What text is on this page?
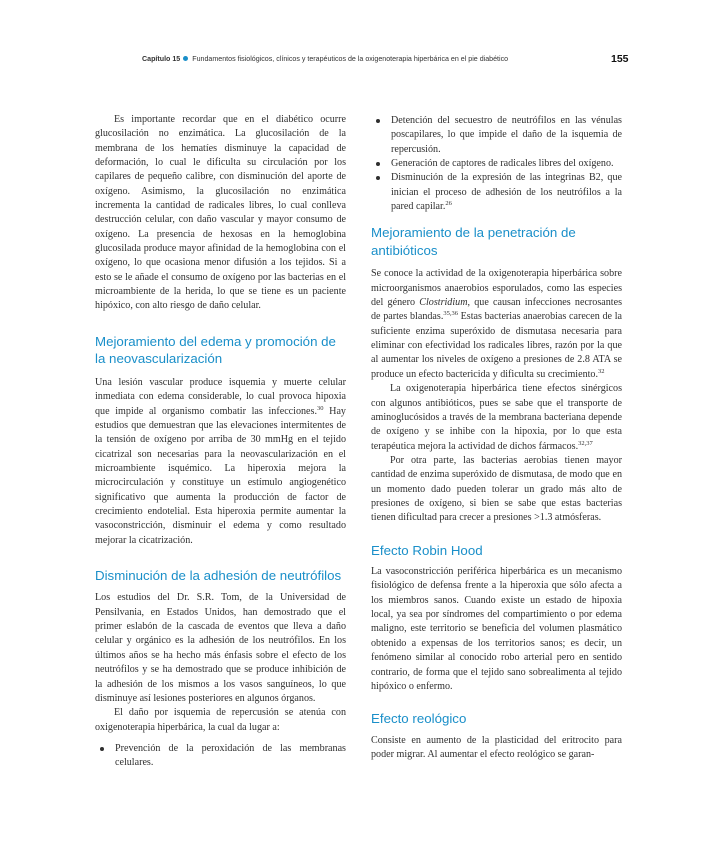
Capítulo 15 Fundamentos fisiológicos, clínicos y terapéuticos de la oxigenoterapia hiperbárica en el pie diabético	155

Es importante recordar que en el diabético ocurre glucosilación no enzimática. La glucosilación de la membrana de los hematíes disminuye la capacidad de deformación, lo cual le dificulta su circulación por los capilares de pequeño calibre, con disminución del aporte de oxígeno. Asimismo, la glucosilación no enzimática incrementa la cantidad de radicales libres, lo cual conlleva destrucción celular, con daño vascular y mayor consumo de oxígeno. La presencia de hexosas en la hemoglobina glucosilada produce mayor afinidad de la hemoglobina con el oxígeno, lo que ocasiona menor difusión a los tejidos. Si a esto se le añade el consumo de oxígeno por las bacterias en el microambiente de la herida, lo que se tiene es un paciente hipóxico, con alto riesgo de daño celular.

Mejoramiento del edema y promoción de la neovascularización

Una lesión vascular produce isquemia y muerte celular inmediata con edema considerable, lo cual provoca hipoxia que impide al organismo combatir las infecciones.$^{30}$ Hay estudios que demuestran que las elevaciones intermitentes de la tensión de oxígeno por arriba de 30 mmHg en el tejido cicatrizal son necesarias para la neovascularización en el microambiente isquémico. La hiperoxia mejora la microcirculación y constituye un estímulo angiogenético significativo que aumenta la producción de factor de crecimiento endotelial. Esta hiperoxia permite aumentar la vasoconstricción, disminuir el edema y como resultado mejorar la cicatrización.

Disminución de la adhesión de neutrófilos

Los estudios del Dr. S.R. Tom, de la Universidad de Pensilvania, en Estados Unidos, han demostrado que el primer eslabón de la cascada de eventos que lleva a daño celular y orgánico es la adhesión de los neutrófilos. En los últimos años se ha hecho más énfasis sobre el efecto de los neutrófilos y se ha demostrado que se produce inhibición de la adhesión de los mismos a los vasos sanguíneos, lo que disminuye así lesiones posteriores en algunos órganos.

El daño por isquemia de repercusión se atenúa con oxigenoterapia hiperbárica, la cual da lugar a:

Prevención de la peroxidación de las membranas celulares.
Detención del secuestro de neutrófilos en las vénulas poscapilares, lo que impide el daño de la isquemia de repercusión.
Generación de captores de radicales libres del oxígeno.
Disminución de la expresión de las integrinas B2, que inician el proceso de adhesión de los neutrófilos a la pared capilar.$^{26}$
Mejoramiento de la penetración de antibióticos

Se conoce la actividad de la oxigenoterapia hiperbárica sobre microorganismos anaerobios esporulados, como las especies del género Clostridium, que causan infecciones necrosantes de partes blandas.$^{35,36}$ Estas bacterias anaerobias carecen de la suficiente enzima superóxido de dismutasa necesaria para eliminar con efectividad los radicales libres, razón por la que al aumentar los niveles de oxígeno a presiones de 2.8 ATA se produce un efecto bactericida y dificulta su crecimiento.$^{32}$

La oxigenoterapia hiperbárica tiene efectos sinérgicos con algunos antibióticos, pues se sabe que el transporte de aminoglucósidos a través de la membrana bacteriana depende de oxígeno y se inhibe con la hipoxia, por lo que esta terapéutica mejora la actividad de dichos fármacos.$^{32,37}$

Por otra parte, las bacterias aerobias tienen mayor cantidad de enzima superóxido de dismutasa, de modo que en un momento dado pueden tolerar un grado más alto de presiones de oxígeno, si bien se sabe que estas bacterias tienen dificultad para crecer a presiones >1.3 atmósferas.

Efecto Robin Hood

La vasoconstricción periférica hiperbárica es un mecanismo fisiológico de defensa frente a la hiperoxia que sólo afecta a los miembros sanos. Cuando existe un estado de hipoxia local, ya sea por síndromes del compartimiento o por edema maligno, este territorio se beneficia del volumen plasmático obtenido a expensas de los territorios sanos; es decir, un fenómeno similar al conocido robo arterial pero en sentido contrario, de forma que el tejido sano sobrealimenta al tejido hipóxico o enfermo.

Efecto reológico

Consiste en aumento de la plasticidad del eritrocito para poder migrar. Al aumentar el efecto reológico se garan-
